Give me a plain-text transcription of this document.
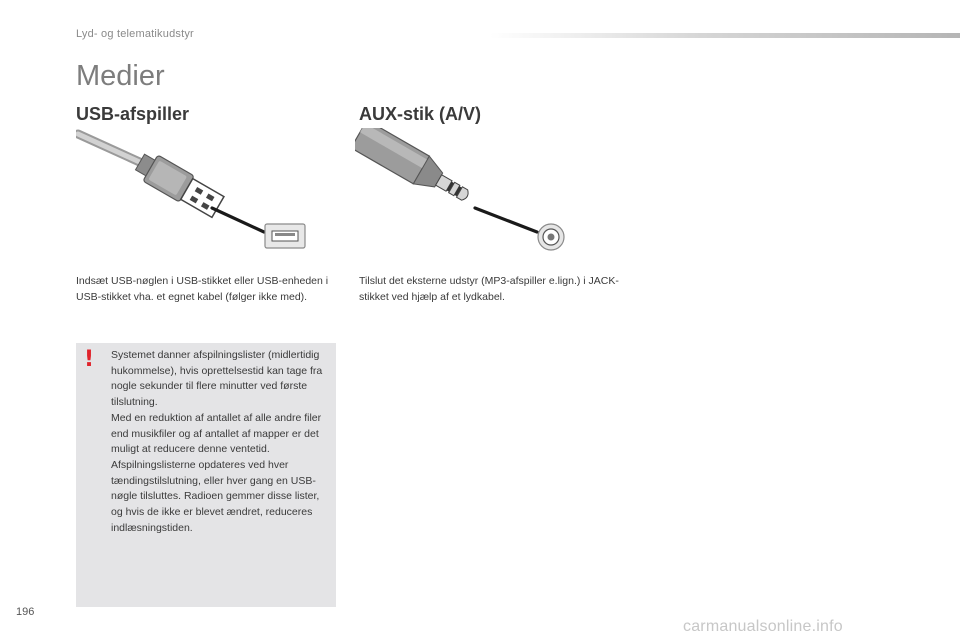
Lyd- og telematikudstyr
Medier
USB-afspiller	AUX-stik (A/V)

Indsæt USB-nøglen i USB-stikket eller USB-enheden i USB-stikket vha. et egnet kabel (følger ikke med).

Tilslut det eksterne udstyr (MP3-afspiller e.lign.) i JACK-stikket ved hjælp af et lydkabel.

! Systemet danner afspilningslister (midlertidig hukommelse), hvis oprettelsestid kan tage fra nogle sekunder til flere minutter ved første tilslutning.
Med en reduktion af antallet af alle andre filer end musikfiler og af antallet af mapper er det muligt at reducere denne ventetid.
Afspilningslisterne opdateres ved hver tændingstilslutning, eller hver gang en USB-nøgle tilsluttes. Radioen gemmer disse lister, og hvis de ikke er blevet ændret, reduceres indlæsningstiden.

196
carmanualsonline.info
